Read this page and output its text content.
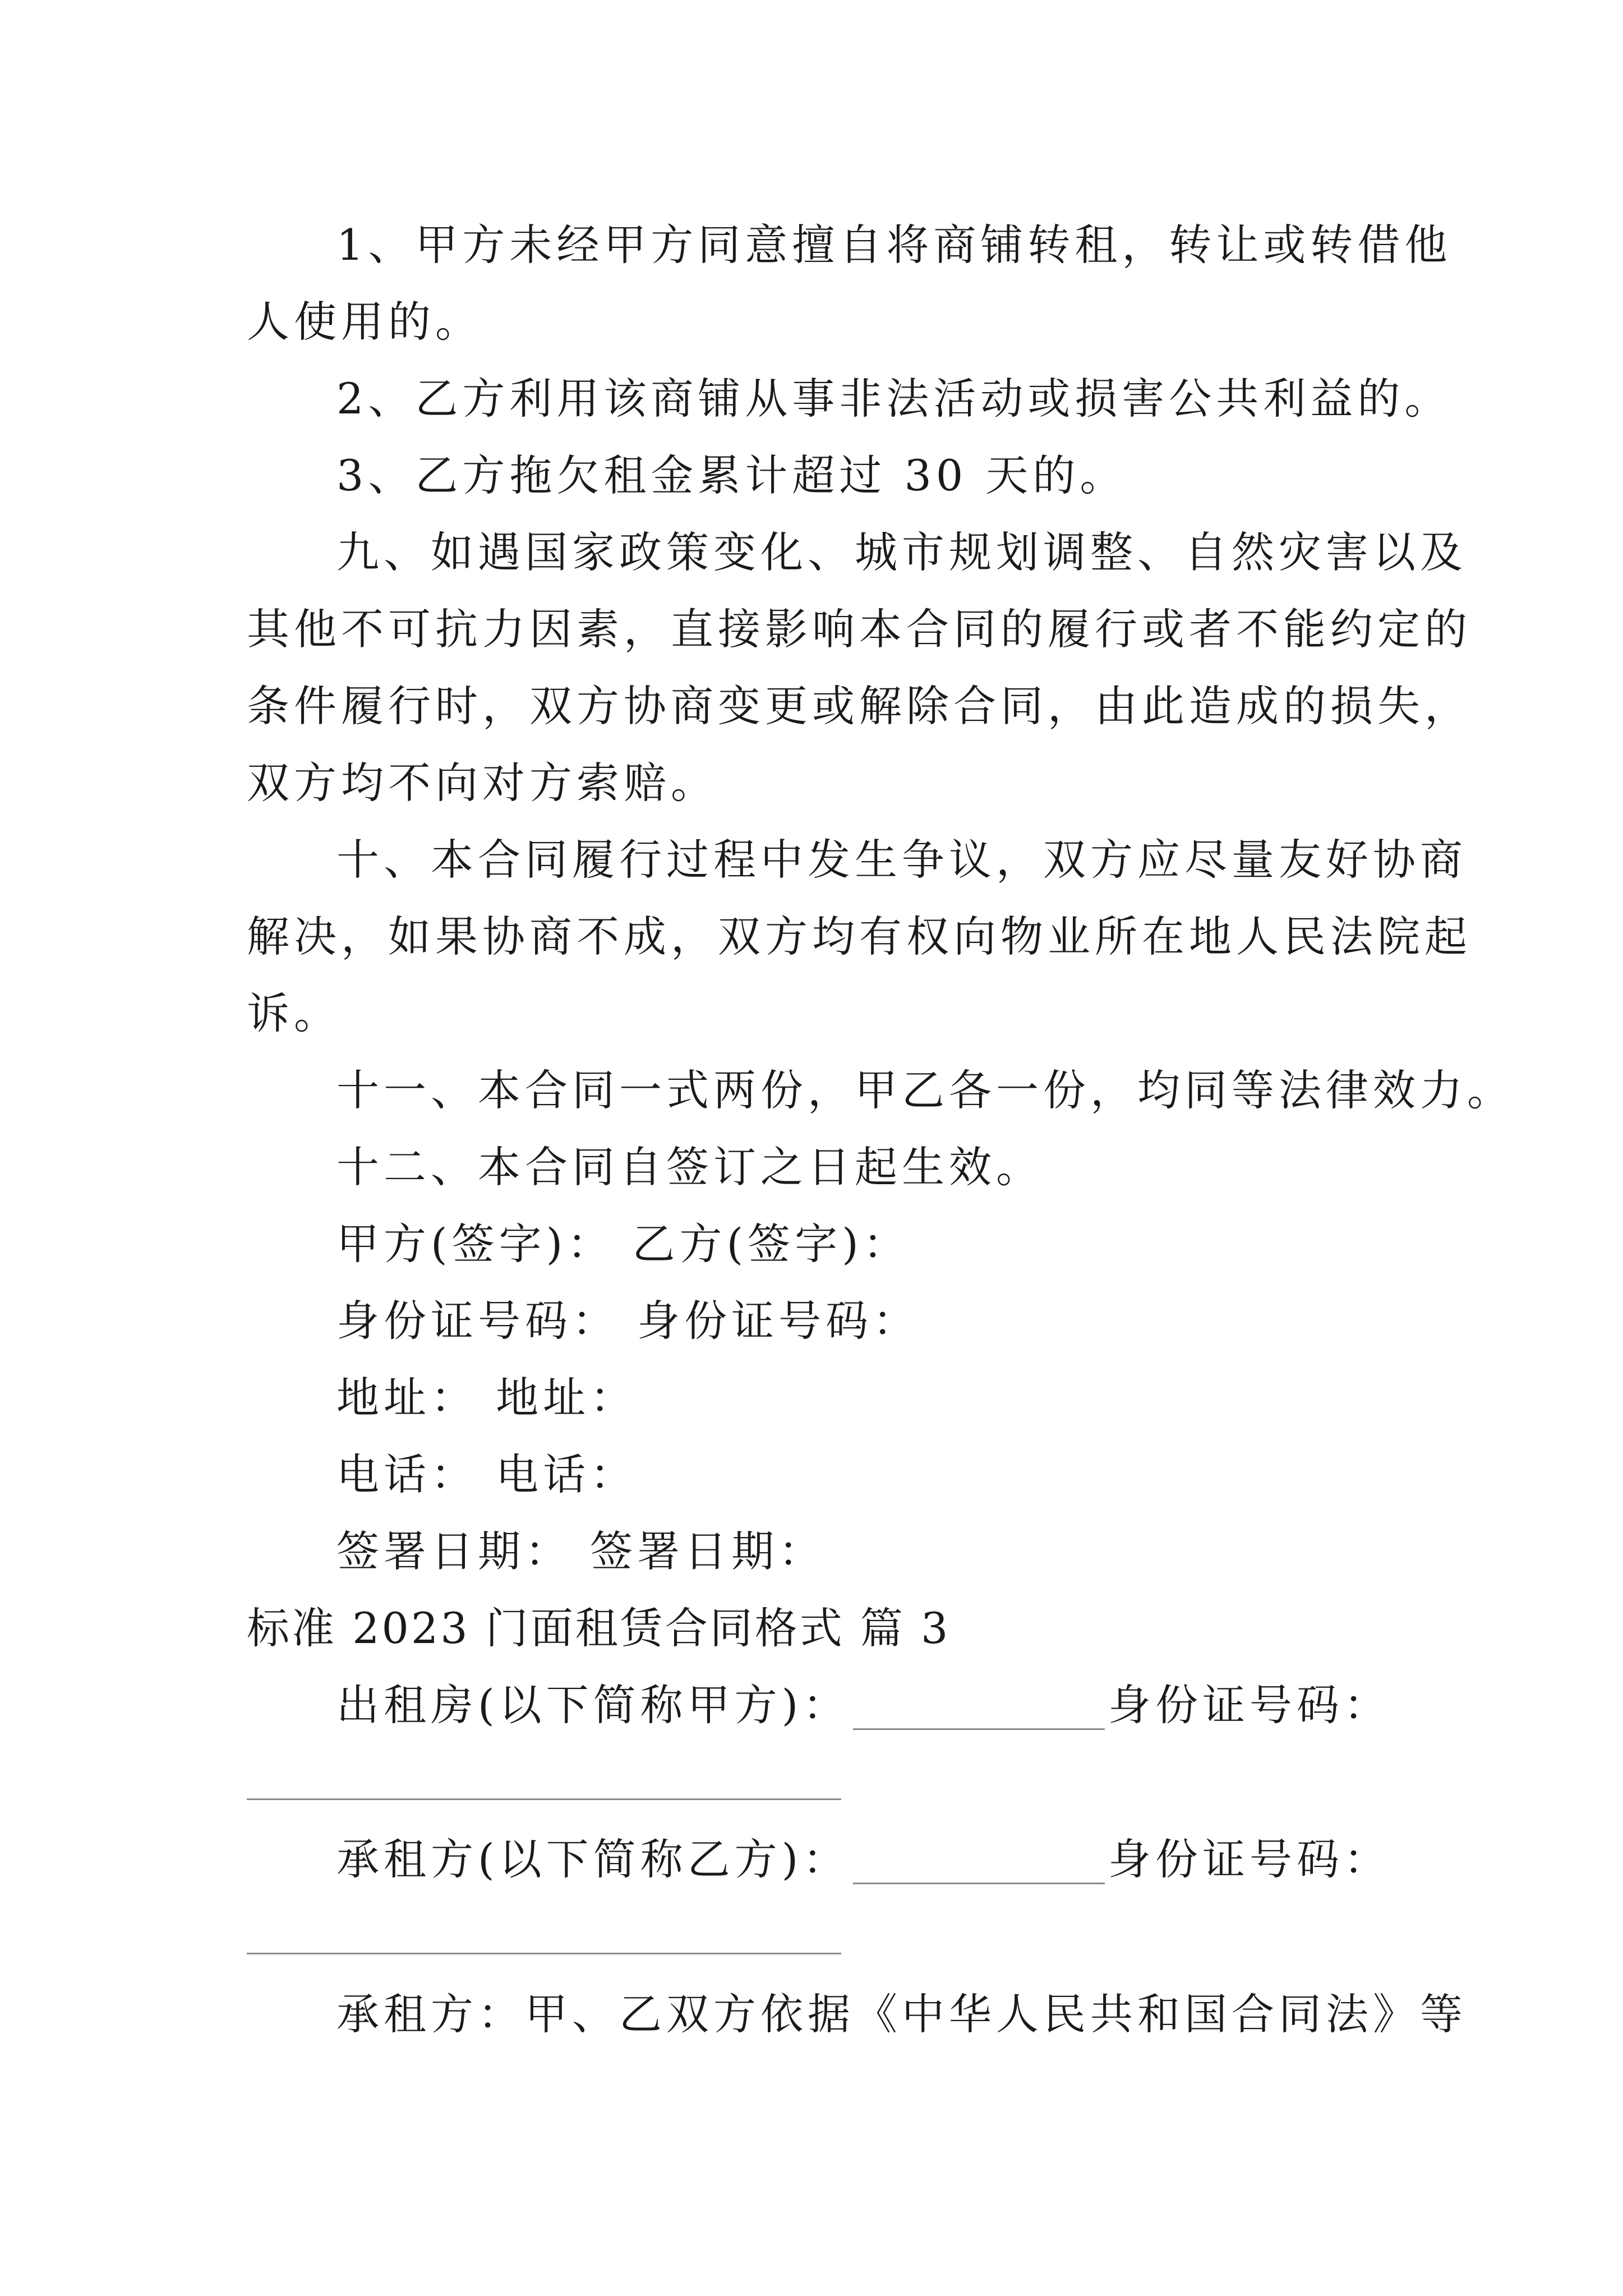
1、甲方未经甲方同意擅自将商铺转租，转让或转借他
人使用的。
2、乙方利用该商铺从事非法活动或损害公共利益的。
3、乙方拖欠租金累计超过 30 天的。
九、如遇国家政策变化、城市规划调整、自然灾害以及
其他不可抗力因素，直接影响本合同的履行或者不能约定的
条件履行时，双方协商变更或解除合同，由此造成的损失，
双方均不向对方索赔。
十、本合同履行过程中发生争议，双方应尽量友好协商
解决，如果协商不成，双方均有权向物业所在地人民法院起
诉。
十一、本合同一式两份，甲乙各一份，均同等法律效力。
十二、本合同自签订之日起生效。
甲方(签字)： 乙方(签字)：
身份证号码： 身份证号码：
地址： 地址：
电话： 电话：
签署日期： 签署日期：
标准 2023 门面租赁合同格式 篇 3
出租房(以下简称甲方)：	身份证号码：
承租方(以下简称乙方)：	身份证号码：
承租方：甲、乙双方依据《中华人民共和国合同法》等
